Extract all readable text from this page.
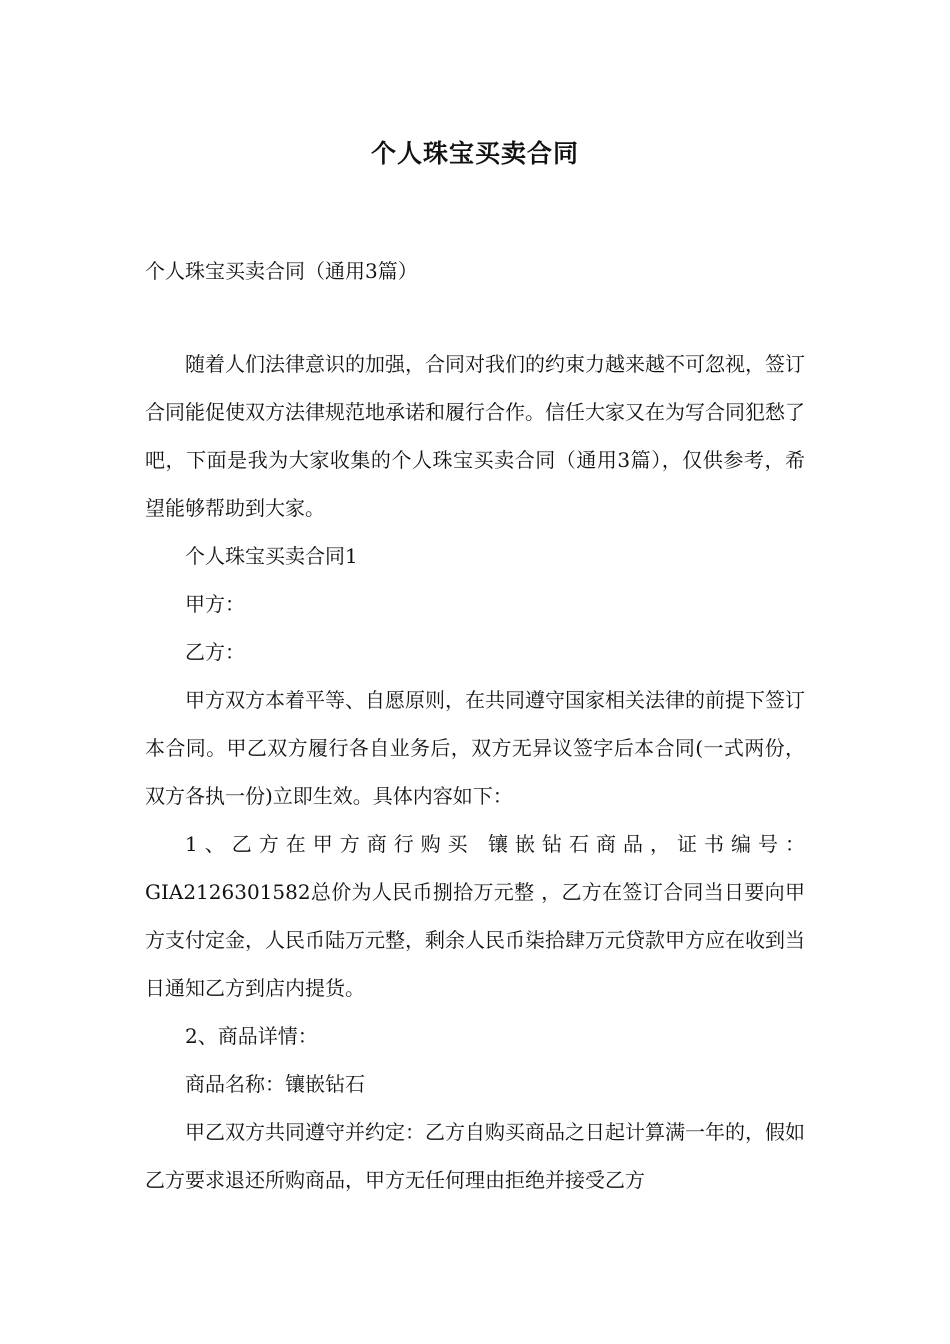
个人珠宝买卖合同
个人珠宝买卖合同（通用3篇）

随着人们法律意识的加强，合同对我们的约束力越来越不可忽视，签订合同能促使双方法律规范地承诺和履行合作。信任大家又在为写合同犯愁了吧，下面是我为大家收集的个人珠宝买卖合同（通用3篇），仅供参考，希望能够帮助到大家。

个人珠宝买卖合同1

甲方：

乙方：

甲方双方本着平等、自愿原则，在共同遵守国家相关法律的前提下签订本合同。甲乙双方履行各自业务后，双方无异议签字后本合同(一式两份，双方各执一份)立即生效。具体内容如下：

1、乙方在甲方商行购买 镶嵌钻石商品，证书编号：GIA2126301582总价为人民币捌拾万元整 ，乙方在签订合同当日要向甲方支付定金，人民币陆万元整，剩余人民币柒拾肆万元贷款甲方应在收到当日通知乙方到店内提货。

2、商品详情：

商品名称：镶嵌钻石

甲乙双方共同遵守并约定：乙方自购买商品之日起计算满一年的，假如乙方要求退还所购商品，甲方无任何理由拒绝并接受乙方
